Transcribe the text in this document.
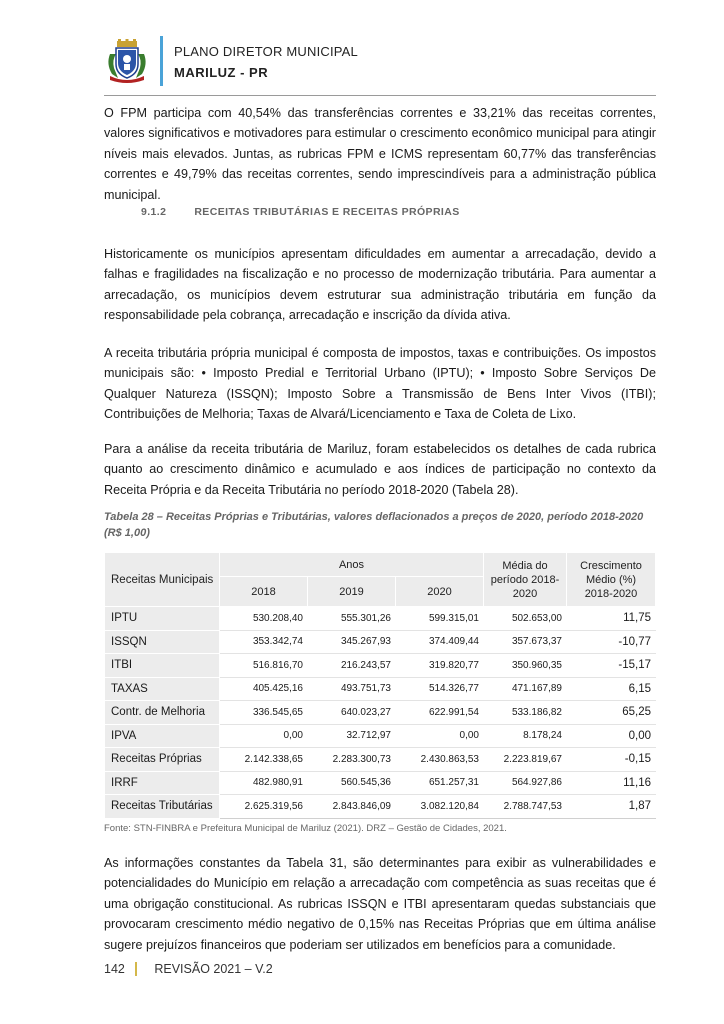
PLANO DIRETOR MUNICIPAL
MARILUZ - PR

O FPM participa com 40,54% das transferências correntes e 33,21% das receitas correntes, valores significativos e motivadores para estimular o crescimento econômico municipal para atingir níveis mais elevados. Juntas, as rubricas FPM e ICMS representam 60,77% das transferências correntes e 49,79% das receitas correntes, sendo imprescindíveis para a administração pública municipal.

9.1.2	RECEITAS TRIBUTÁRIAS E RECEITAS PRÓPRIAS

Historicamente os municípios apresentam dificuldades em aumentar a arrecadação, devido a falhas e fragilidades na fiscalização e no processo de modernização tributária. Para aumentar a arrecadação, os municípios devem estruturar sua administração tributária em função da responsabilidade pela cobrança, arrecadação e inscrição da dívida ativa.

A receita tributária própria municipal é composta de impostos, taxas e contribuições. Os impostos municipais são: • Imposto Predial e Territorial Urbano (IPTU); • Imposto Sobre Serviços De Qualquer Natureza (ISSQN); Imposto Sobre a Transmissão de Bens Inter Vivos (ITBI); Contribuições de Melhoria; Taxas de Alvará/Licenciamento e Taxa de Coleta de Lixo.

Para a análise da receita tributária de Mariluz, foram estabelecidos os detalhes de cada rubrica quanto ao crescimento dinâmico e acumulado e aos índices de participação no contexto da Receita Própria e da Receita Tributária no período 2018-2020 (Tabela 28).

Tabela 28 – Receitas Próprias e Tributárias, valores deflacionados a preços de 2020, período 2018-2020 (R$ 1,00)
Receitas Municipais	Anos			Média do período 2018-2020	Crescimento Médio (%) 2018-2020
	2018	2019	2020		
IPTU	530.208,40	555.301,26	599.315,01	502.653,00	11,75
ISSQN	353.342,74	345.267,93	374.409,44	357.673,37	-10,77
ITBI	516.816,70	216.243,57	319.820,77	350.960,35	-15,17
TAXAS	405.425,16	493.751,73	514.326,77	471.167,89	6,15
Contr. de Melhoria	336.545,65	640.023,27	622.991,54	533.186,82	65,25
IPVA	0,00	32.712,97	0,00	8.178,24	0,00
Receitas Próprias	2.142.338,65	2.283.300,73	2.430.863,53	2.223.819,67	-0,15
IRRF	482.980,91	560.545,36	651.257,31	564.927,86	11,16
Receitas Tributárias	2.625.319,56	2.843.846,09	3.082.120,84	2.788.747,53	1,87
Fonte: STN-FINBRA e Prefeitura Municipal de Mariluz (2021). DRZ – Gestão de Cidades, 2021.

As informações constantes da Tabela 31, são determinantes para exibir as vulnerabilidades e potencialidades do Município em relação a arrecadação com competência as suas receitas que é uma obrigação constitucional. As rubricas ISSQN e ITBI apresentaram quedas substanciais que provocaram crescimento médio negativo de 0,15% nas Receitas Próprias que em última análise sugere prejuízos financeiros que poderiam ser utilizados em benefícios para a comunidade.

142 REVISÃO 2021 – V.2
